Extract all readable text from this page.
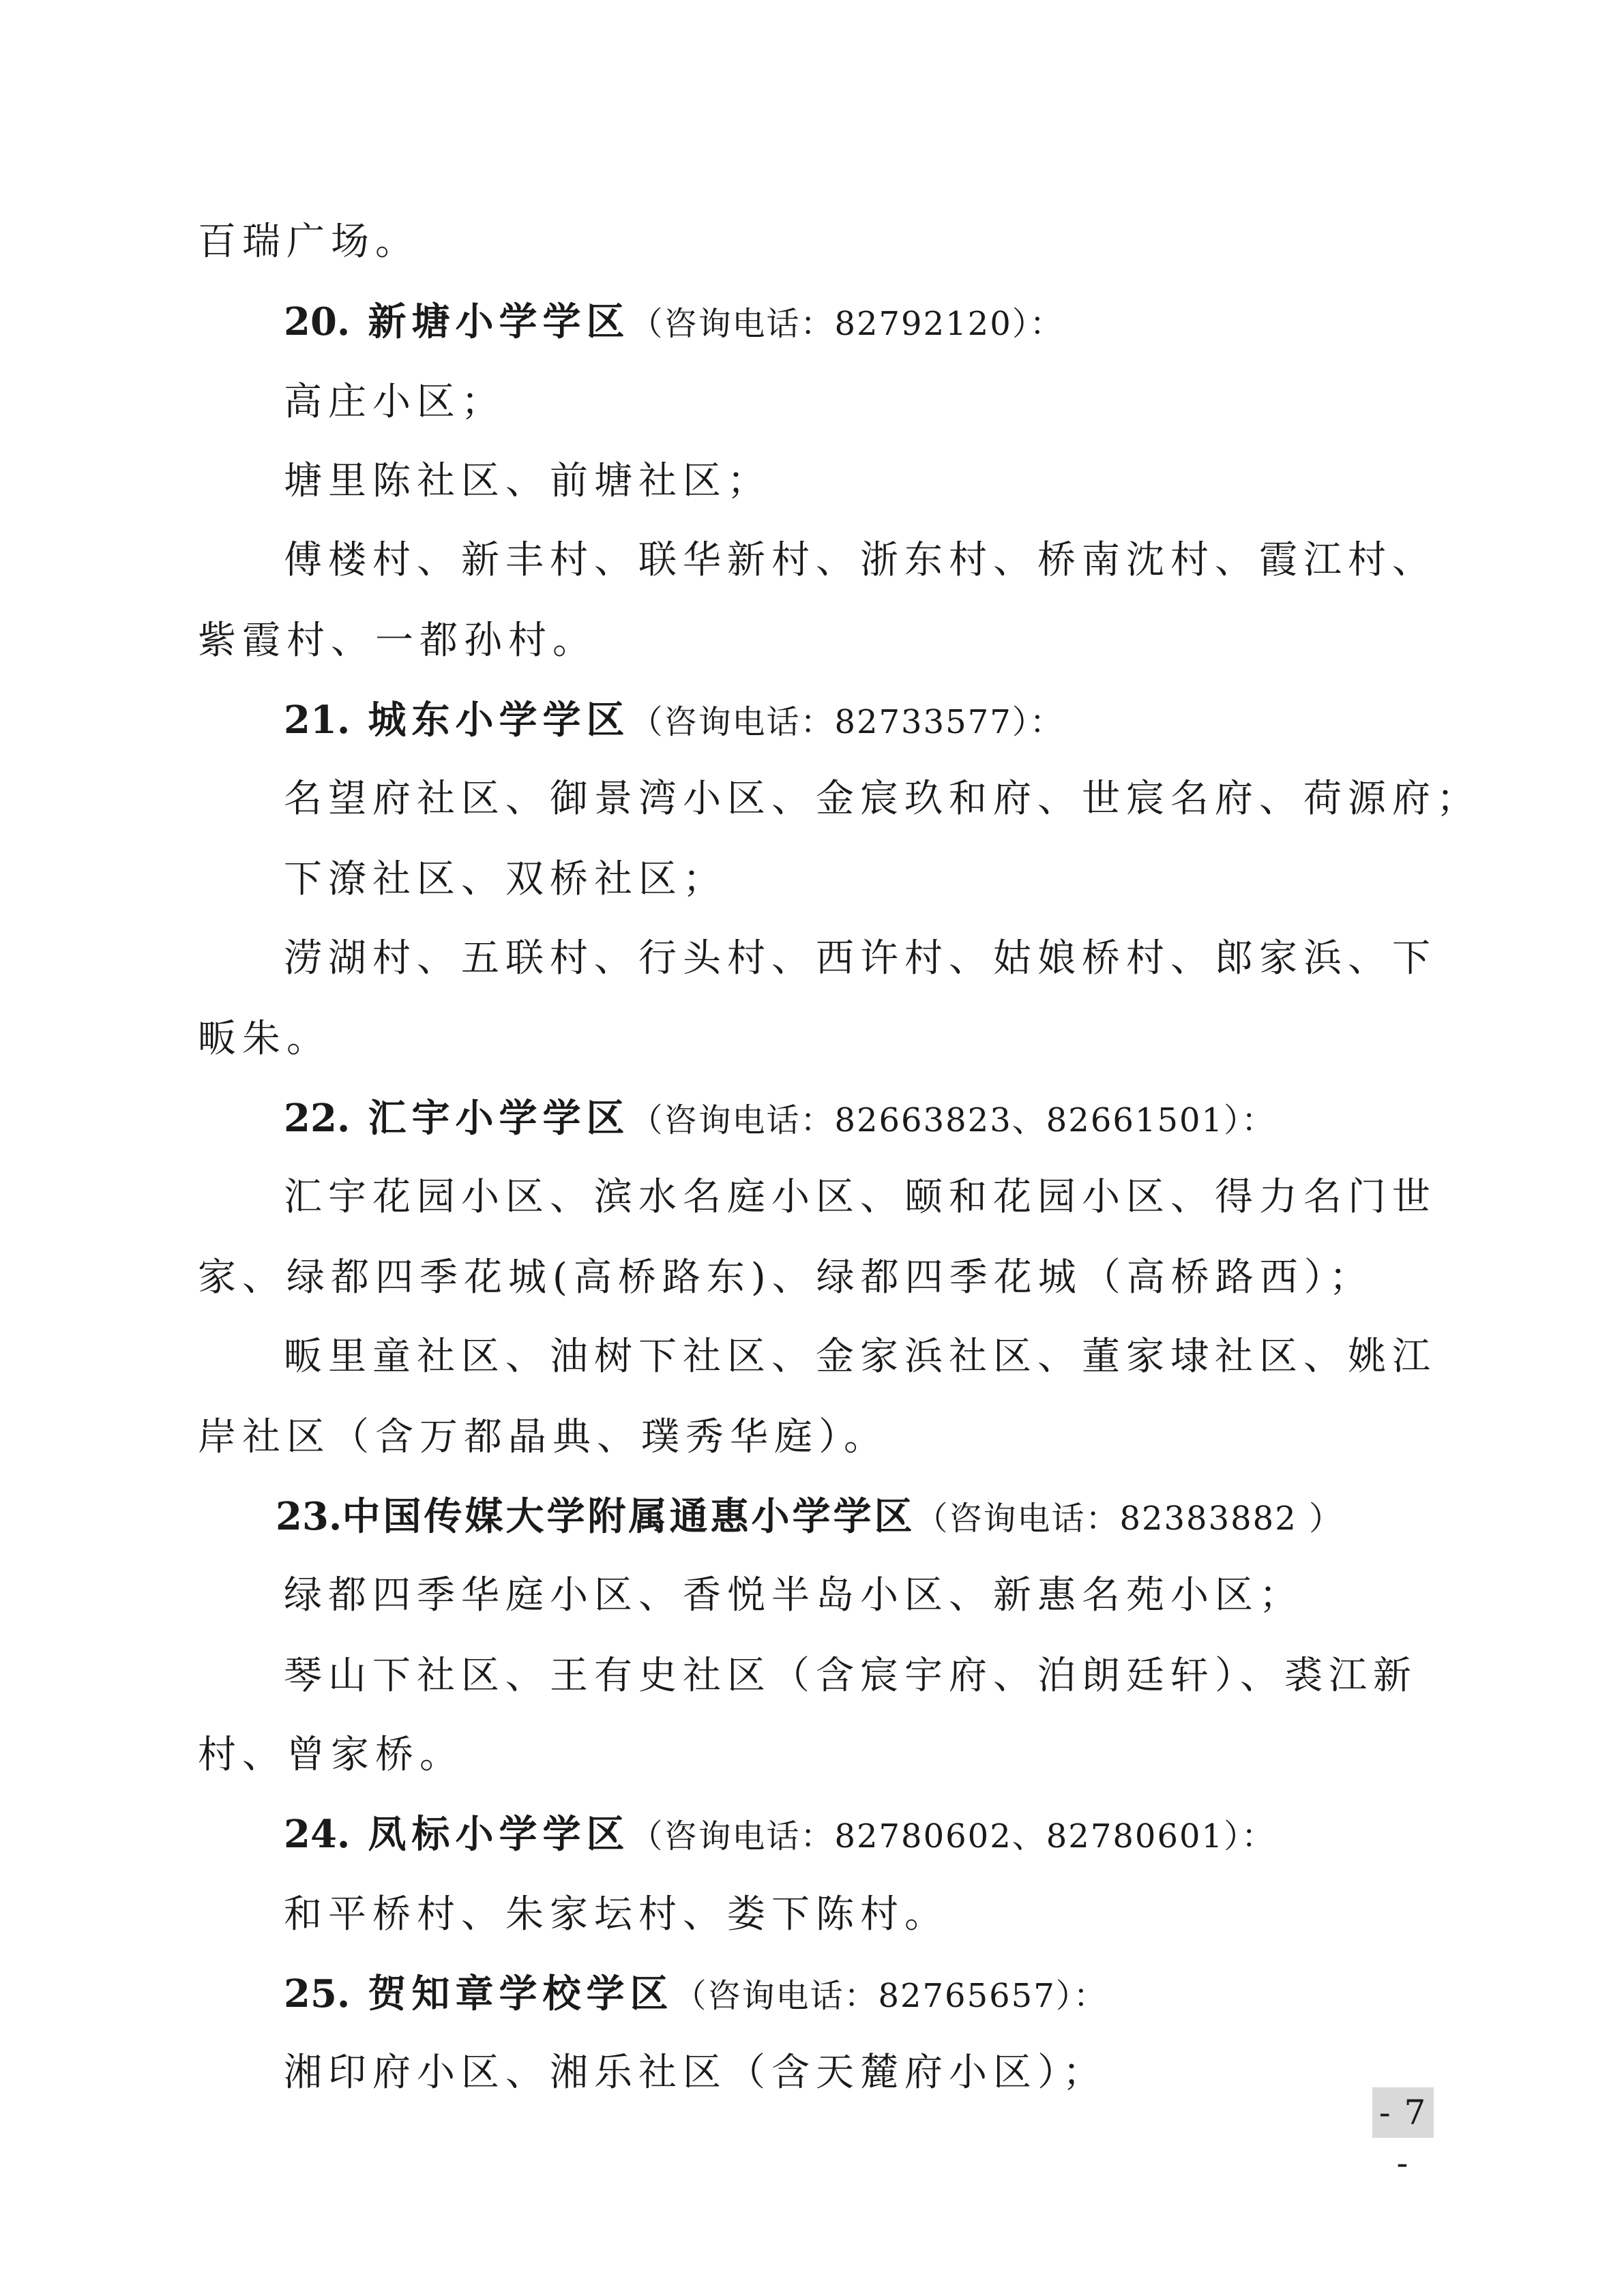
百瑞广场。
20. 新塘小学学区（咨询电话：82792120）：
高庄小区；
塘里陈社区、前塘社区；
傅楼村、新丰村、联华新村、浙东村、桥南沈村、霞江村、
紫霞村、一都孙村。
21. 城东小学学区（咨询电话：82733577）：
名望府社区、御景湾小区、金宸玖和府、世宸名府、荷源府；
下潦社区、双桥社区；
涝湖村、五联村、行头村、西许村、姑娘桥村、郎家浜、下
畈朱。
22. 汇宇小学学区（咨询电话：82663823、82661501）：
汇宇花园小区、滨水名庭小区、颐和花园小区、得力名门世
家、绿都四季花城(高桥路东)、绿都四季花城（高桥路西）；
畈里童社区、油树下社区、金家浜社区、董家埭社区、姚江
岸社区（含万都晶典、璞秀华庭）。
23.中国传媒大学附属通惠小学学区（咨询电话：82383882 ）
绿都四季华庭小区、香悦半岛小区、新惠名苑小区；
琴山下社区、王有史社区（含宸宇府、泊朗廷轩）、裘江新
村、曾家桥。
24. 凤标小学学区（咨询电话：82780602、82780601）：
和平桥村、朱家坛村、娄下陈村。
25. 贺知章学校学区（咨询电话：82765657）：
湘印府小区、湘乐社区（含天麓府小区）；
- 7 -
